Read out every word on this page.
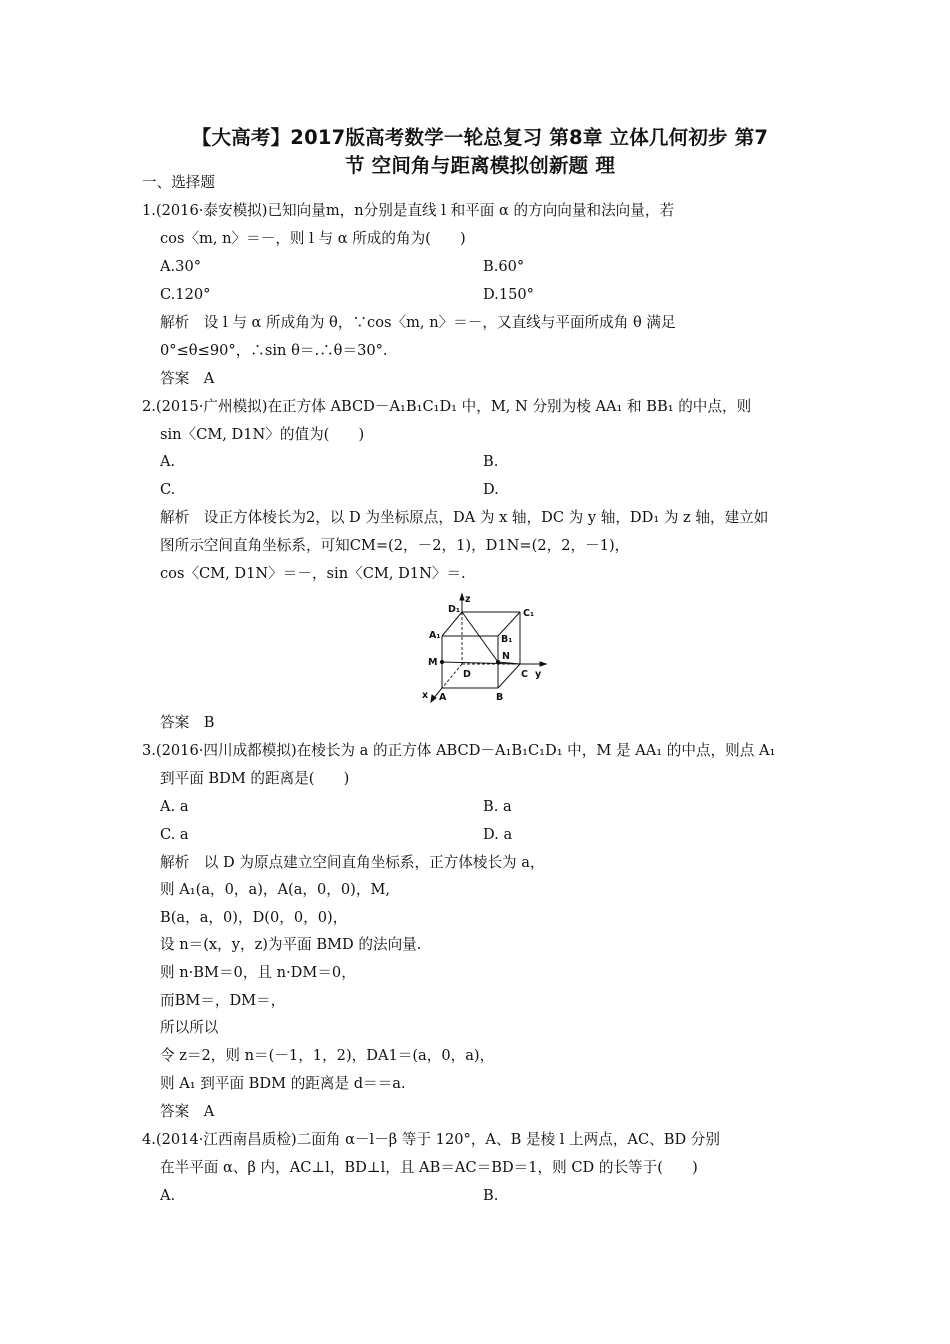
【大高考】2017版高考数学一轮总复习 第8章 立体几何初步 第7
节 空间角与距离模拟创新题 理
一、选择题
1.(2016·泰安模拟)已知向量m，n分别是直线 l 和平面 α 的方向向量和法向量，若
cos〈m, n〉＝－，则 l 与 α 所成的角为(　　)
A.30°	B.60°
C.120°	D.150°
解析　设 l 与 α 所成角为 θ，∵cos〈m, n〉＝－，又直线与平面所成角 θ 满足
0°≤θ≤90°，∴sin θ＝.∴θ＝30°.
答案　A
2.(2015·广州模拟)在正方体 ABCD－A₁B₁C₁D₁ 中，M, N 分别为棱 AA₁ 和 BB₁ 的中点，则
sin〈CM, D1N〉的值为(　　)
A.	B.
C.	D.
解析　设正方体棱长为2，以 D 为坐标原点，DA 为 x 轴，DC 为 y 轴，DD₁ 为 z 轴，建立如
图所示空间直角坐标系，可知CM=(2，－2，1)，D1N=(2，2，－1)，
cos〈CM, D1N〉＝－，sin〈CM, D1N〉＝.
D₁
z
C₁
A₁	B₁
N
M
D	C y
x A	B
答案　B
3.(2016·四川成都模拟)在棱长为 a 的正方体 ABCD－A₁B₁C₁D₁ 中，M 是 AA₁ 的中点，则点 A₁
到平面 BDM 的距离是(　　)
A. a	B. a
C. a	D. a
解析　以 D 为原点建立空间直角坐标系，正方体棱长为 a，
则 A₁(a，0，a)，A(a，0，0)，M,
B(a，a，0)，D(0，0，0)，
设 n＝(x，y，z)为平面 BMD 的法向量.
则 n·BM＝0，且 n·DM＝0，
而BM＝，DM＝，
所以所以
令 z＝2，则 n＝(－1，1，2)，DA1＝(a，0，a)，
则 A₁ 到平面 BDM 的距离是 d＝＝a.
答案　A
4.(2014·江西南昌质检)二面角 α－l－β 等于 120°，A、B 是棱 l 上两点，AC、BD 分别
在半平面 α、β 内，AC⊥l，BD⊥l，且 AB＝AC＝BD＝1，则 CD 的长等于(　　)
A.	B.
